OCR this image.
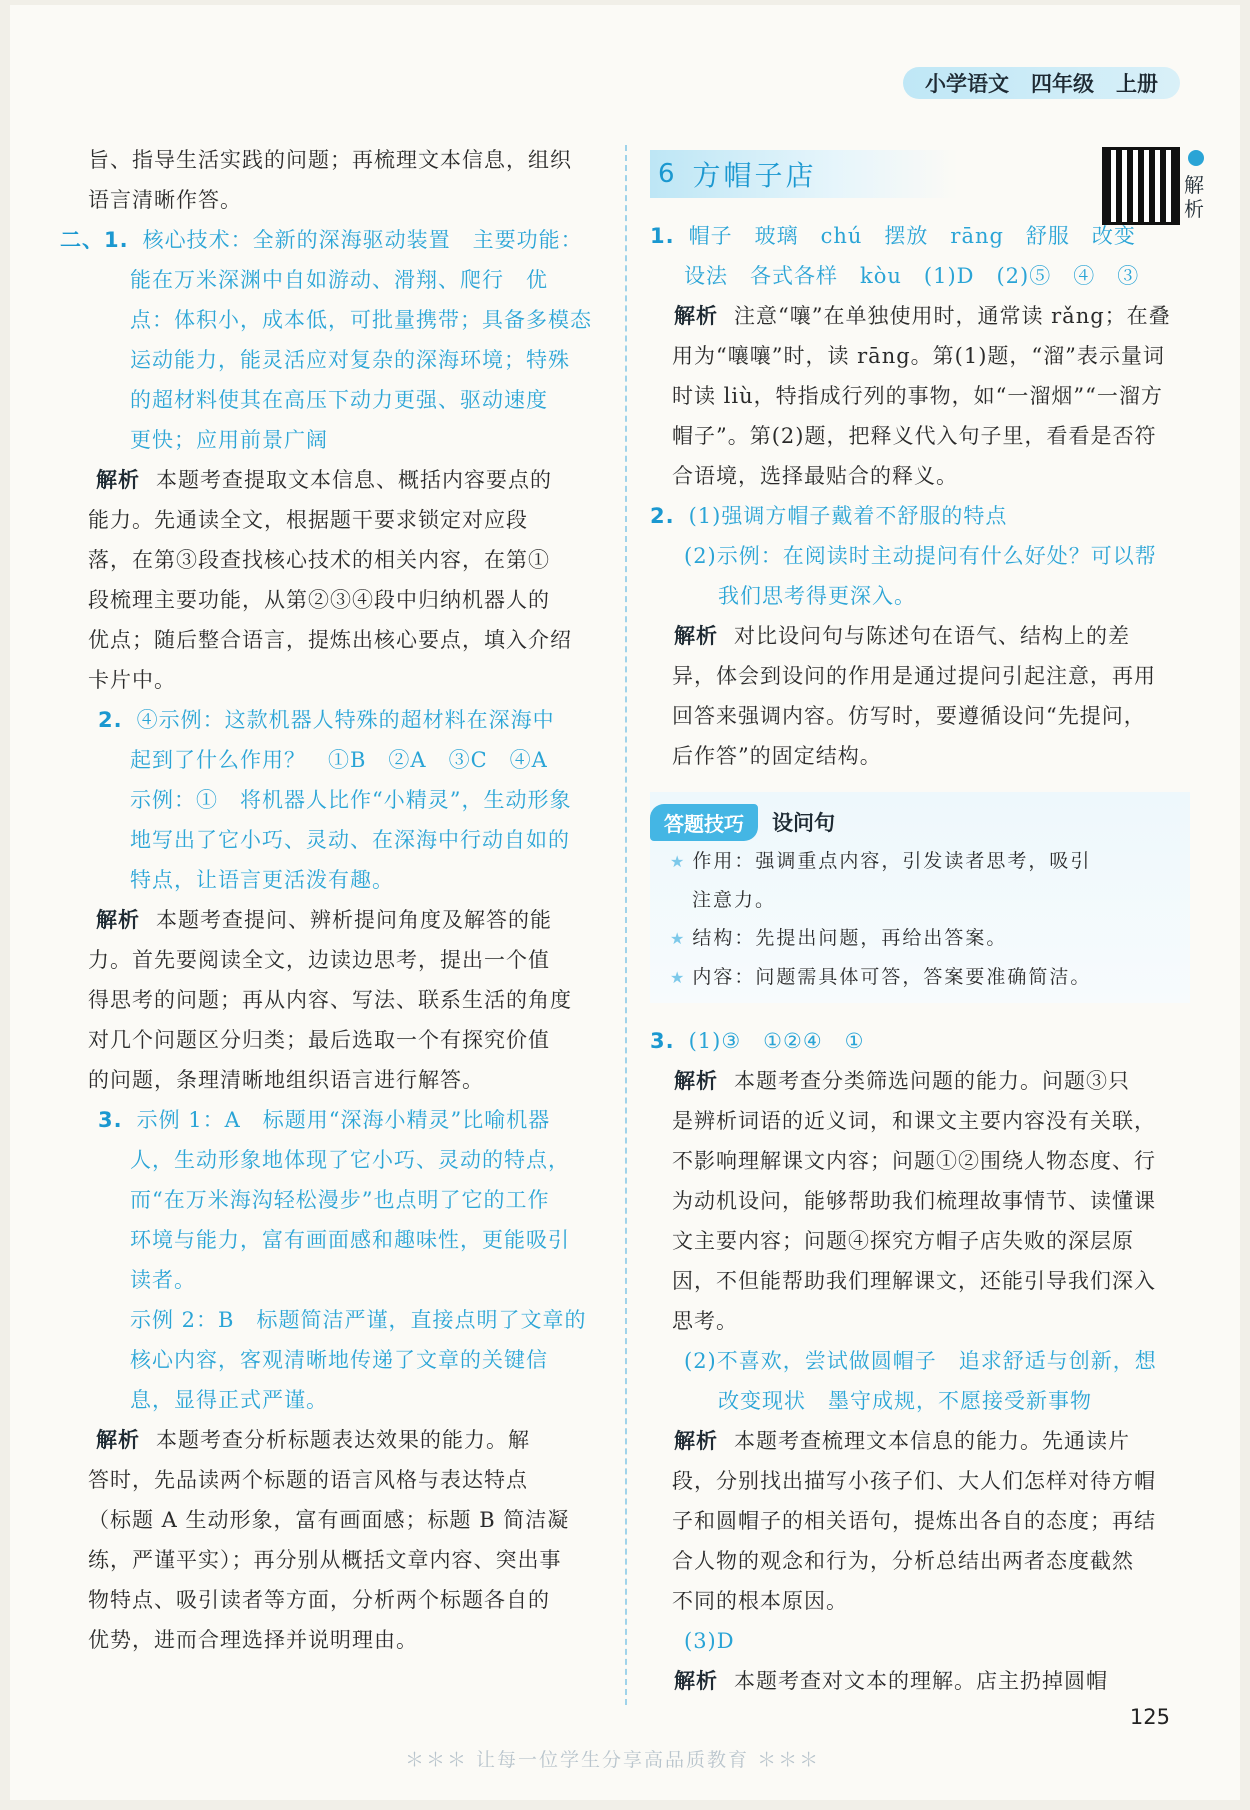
小学语文 四年级 上册
旨、指导生活实践的问题；再梳理文本信息，组织
语言清晰作答。
二、1. 核心技术：全新的深海驱动装置　主要功能：
能在万米深渊中自如游动、滑翔、爬行　优
点：体积小，成本低，可批量携带；具备多模态
运动能力，能灵活应对复杂的深海环境；特殊
的超材料使其在高压下动力更强、驱动速度
更快；应用前景广阔
解析 本题考查提取文本信息、概括内容要点的
能力。先通读全文，根据题干要求锁定对应段
落，在第③段查找核心技术的相关内容，在第①
段梳理主要功能，从第②③④段中归纳机器人的
优点；随后整合语言，提炼出核心要点，填入介绍
卡片中。
2. ④示例：这款机器人特殊的超材料在深海中
起到了什么作用？　①B　②A　③C　④A
示例：①　将机器人比作“小精灵”，生动形象
地写出了它小巧、灵动、在深海中行动自如的
特点，让语言更活泼有趣。
解析 本题考查提问、辨析提问角度及解答的能
力。首先要阅读全文，边读边思考，提出一个值
得思考的问题；再从内容、写法、联系生活的角度
对几个问题区分归类；最后选取一个有探究价值
的问题，条理清晰地组织语言进行解答。
3. 示例 1：A　标题用“深海小精灵”比喻机器
人，生动形象地体现了它小巧、灵动的特点，
而“在万米海沟轻松漫步”也点明了它的工作
环境与能力，富有画面感和趣味性，更能吸引
读者。
示例 2：B　标题简洁严谨，直接点明了文章的
核心内容，客观清晰地传递了文章的关键信
息，显得正式严谨。
解析 本题考查分析标题表达效果的能力。解
答时，先品读两个标题的语言风格与表达特点
（标题 A 生动形象，富有画面感；标题 B 简洁凝
练，严谨平实）；再分别从概括文章内容、突出事
物特点、吸引读者等方面，分析两个标题各自的
优势，进而合理选择并说明理由。
解析
6 方帽子店
1. 帽子　玻璃　chú　摆放　rāng　舒服　改变
设法　各式各样　kòu　(1)D　(2)⑤　④　③
解析 注意“嚷”在单独使用时，通常读 rǎng；在叠
用为“嚷嚷”时，读 rāng。第(1)题，“溜”表示量词
时读 liù，特指成行列的事物，如“一溜烟”“一溜方
帽子”。第(2)题，把释义代入句子里，看看是否符
合语境，选择最贴合的释义。
2. (1)强调方帽子戴着不舒服的特点
(2)示例：在阅读时主动提问有什么好处？可以帮
我们思考得更深入。
解析 对比设问句与陈述句在语气、结构上的差
异，体会到设问的作用是通过提问引起注意，再用
回答来强调内容。仿写时，要遵循设问“先提问，
后作答”的固定结构。
答题技巧	设问句
★ 作用：强调重点内容，引发读者思考，吸引
注意力。
★ 结构：先提出问题，再给出答案。
★ 内容：问题需具体可答，答案要准确简洁。
3. (1)③　①②④　①
解析 本题考查分类筛选问题的能力。问题③只
是辨析词语的近义词，和课文主要内容没有关联，
不影响理解课文内容；问题①②围绕人物态度、行
为动机设问，能够帮助我们梳理故事情节、读懂课
文主要内容；问题④探究方帽子店失败的深层原
因，不但能帮助我们理解课文，还能引导我们深入
思考。
(2)不喜欢，尝试做圆帽子　追求舒适与创新，想
改变现状　墨守成规，不愿接受新事物
解析 本题考查梳理文本信息的能力。先通读片
段，分别找出描写小孩子们、大人们怎样对待方帽
子和圆帽子的相关语句，提炼出各自的态度；再结
合人物的观念和行为，分析总结出两者态度截然
不同的根本原因。
(3)D
解析 本题考查对文本的理解。店主扔掉圆帽
125
＊＊＊ 让每一位学生分享高品质教育 ＊＊＊
